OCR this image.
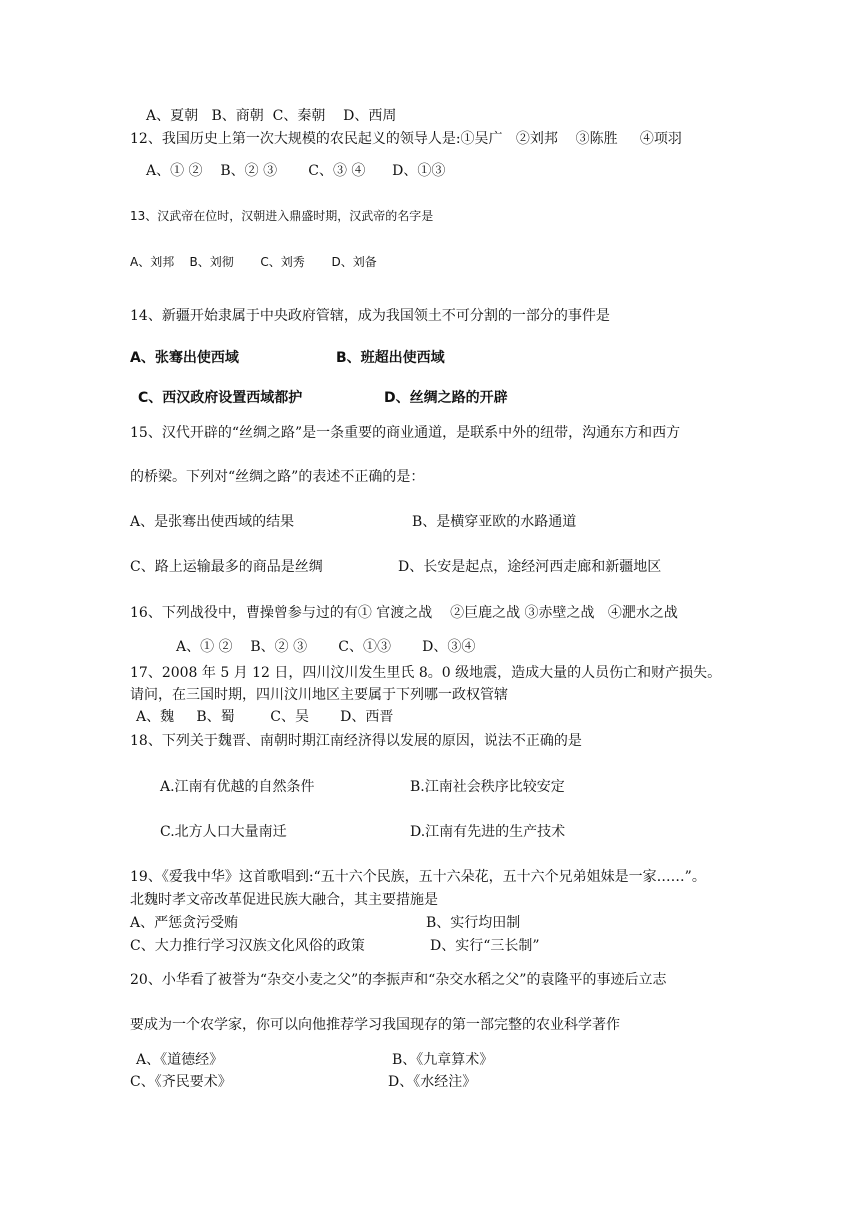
A、夏朝   B、商朝  C、秦朝    D、西周
12、我国历史上第一次大规模的农民起义的领导人是:①吴广   ②刘邦    ③陈胜     ④项羽
A、① ②    B、② ③       C、③ ④      D、①③
13、汉武帝在位时，汉朝进入鼎盛时期，汉武帝的名字是
A、刘邦    B、刘彻       C、刘秀       D、刘备
14、新疆开始隶属于中央政府管辖，成为我国领土不可分割的一部分的事件是
A、张骞出使西域	B、班超出使西域
C、西汉政府设置西域都护	D、丝绸之路的开辟
15、汉代开辟的“丝绸之路”是一条重要的商业通道，是联系中外的纽带，沟通东方和西方
的桥梁。下列对“丝绸之路”的表述不正确的是：
A、是张骞出使西域的结果	B、是横穿亚欧的水路通道
C、路上运输最多的商品是丝绸	D、长安是起点，途经河西走廊和新疆地区
16、下列战役中，曹操曾参与过的有① 官渡之战    ②巨鹿之战 ③赤壁之战   ④淝水之战
A、① ②    B、② ③       C、①③       D、③④
17、2008 年 5 月 12 日，四川汶川发生里氏 8。0 级地震，造成大量的人员伤亡和财产损失。
请问，在三国时期，四川汶川地区主要属于下列哪一政权管辖
A、魏     B、蜀        C、吴       D、西晋
18、下列关于魏晋、南朝时期江南经济得以发展的原因，说法不正确的是
A.江南有优越的自然条件	B.江南社会秩序比较安定
C.北方人口大量南迁	D.江南有先进的生产技术
19、《爱我中华》这首歌唱到:“五十六个民族，五十六朵花，五十六个兄弟姐妹是一家……”。
北魏时孝文帝改革促进民族大融合，其主要措施是
A、严惩贪污受贿	B、实行均田制
C、大力推行学习汉族文化风俗的政策	D、实行“三长制”
20、小华看了被誉为“杂交小麦之父”的李振声和“杂交水稻之父”的袁隆平的事迹后立志
要成为一个农学家，你可以向他推荐学习我国现存的第一部完整的农业科学著作
A、《道德经》	B、《九章算术》
C、《齐民要术》	D、《水经注》
